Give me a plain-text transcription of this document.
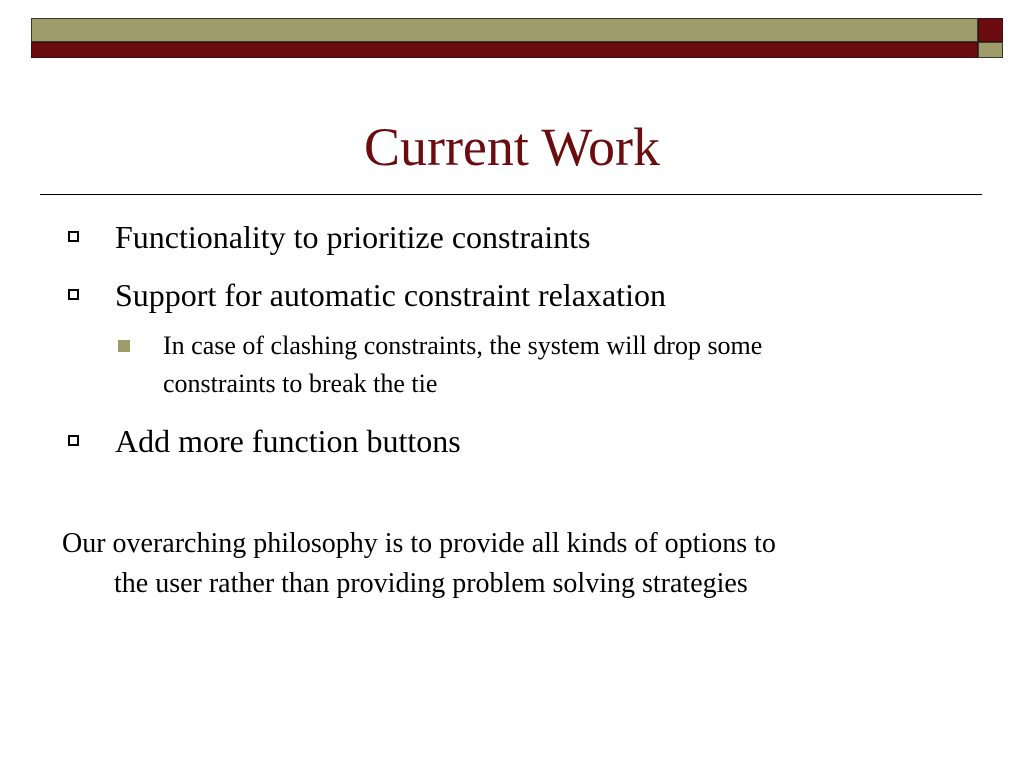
Current Work
Functionality to prioritize constraints
Support for automatic constraint relaxation
In case of clashing constraints, the system will drop some
constraints to break the tie
Add more function buttons
Our overarching philosophy is to provide all kinds of options to
the user rather than providing problem solving strategies
